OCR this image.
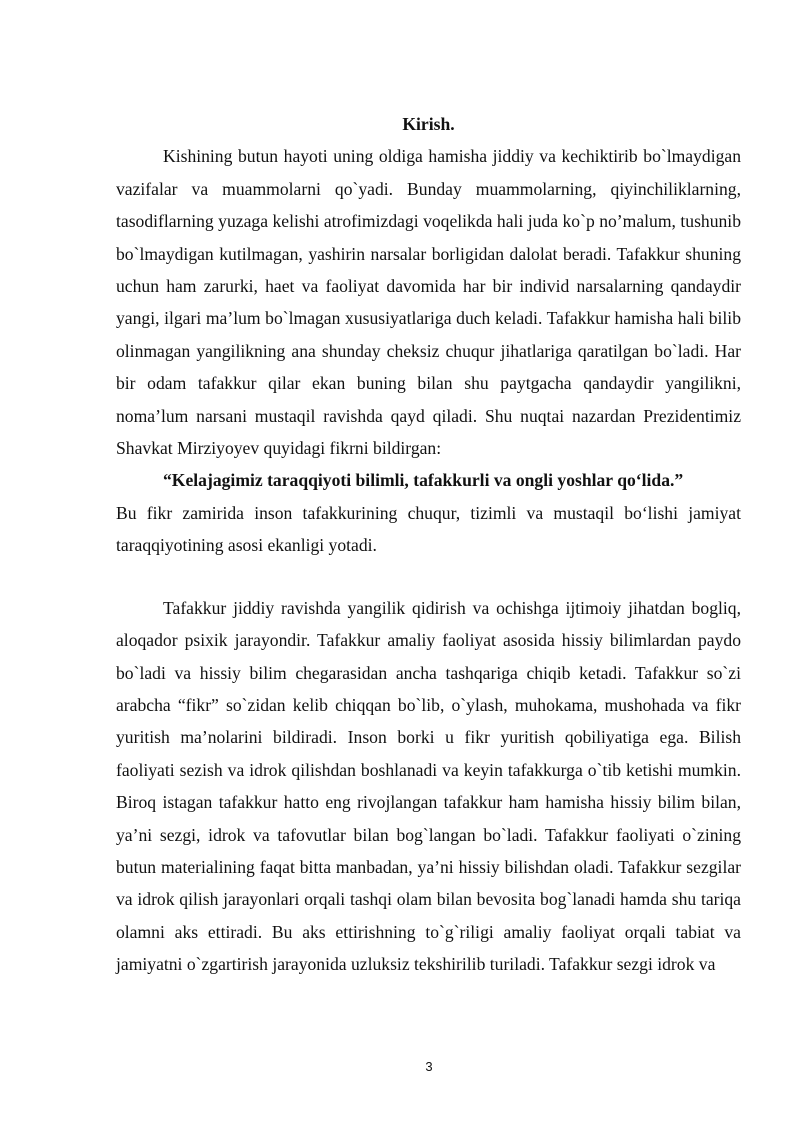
Kirish.

Kishining butun hayoti uning oldiga hamisha jiddiy va kechiktirib bo`lmaydigan vazifalar va muammolarni qo`yadi. Bunday muammolarning, qiyinchiliklarning, tasodiflarning yuzaga kelishi atrofimizdagi voqelikda hali juda ko`p no’malum, tushunib bo`lmaydigan kutilmagan, yashirin narsalar borligidan dalolat beradi. Tafakkur shuning uchun ham zarurki, haet va faoliyat davomida har bir individ narsalarning qandaydir yangi, ilgari ma’lum bo`lmagan xususiyatlariga duch keladi. Tafakkur hamisha hali bilib olinmagan yangilikning ana shunday cheksiz chuqur jihatlariga qaratilgan bo`ladi. Har bir odam tafakkur qilar ekan buning bilan shu paytgacha qandaydir yangilikni, noma’lum narsani mustaqil ravishda qayd qiladi. Shu nuqtai nazardan Prezidentimiz Shavkat Mirziyoyev quyidagi fikrni bildirgan:

“Kelajagimiz taraqqiyoti bilimli, tafakkurli va ongli yoshlar qo‘lida.”

Bu fikr zamirida inson tafakkurining chuqur, tizimli va mustaqil bo‘lishi jamiyat taraqqiyotining asosi ekanligi yotadi.

Tafakkur jiddiy ravishda yangilik qidirish va ochishga ijtimoiy jihatdan bogliq, aloqador psixik jarayondir. Tafakkur amaliy faoliyat asosida hissiy bilimlardan paydo bo`ladi va hissiy bilim chegarasidan ancha tashqariga chiqib ketadi. Tafakkur so`zi arabcha “fikr” so`zidan kelib chiqqan bo`lib, o`ylash, muhokama, mushohada va fikr yuritish ma’nolarini bildiradi. Inson borki u fikr yuritish qobiliyatiga ega. Bilish faoliyati sezish va idrok qilishdan boshlanadi va keyin tafakkurga o`tib ketishi mumkin. Biroq istagan tafakkur hatto eng rivojlangan tafakkur ham hamisha hissiy bilim bilan, ya’ni sezgi, idrok va tafovutlar bilan bog`langan bo`ladi. Tafakkur faoliyati o`zining butun materialining faqat bitta manbadan, ya’ni hissiy bilishdan oladi. Tafakkur sezgilar va idrok qilish jarayonlari orqali tashqi olam bilan bevosita bog`lanadi hamda shu tariqa olamni aks ettiradi. Bu aks ettirishning to`g`riligi amaliy faoliyat orqali tabiat va jamiyatni o`zgartirish jarayonida uzluksiz tekshirilib turiladi. Tafakkur sezgi idrok va

3
